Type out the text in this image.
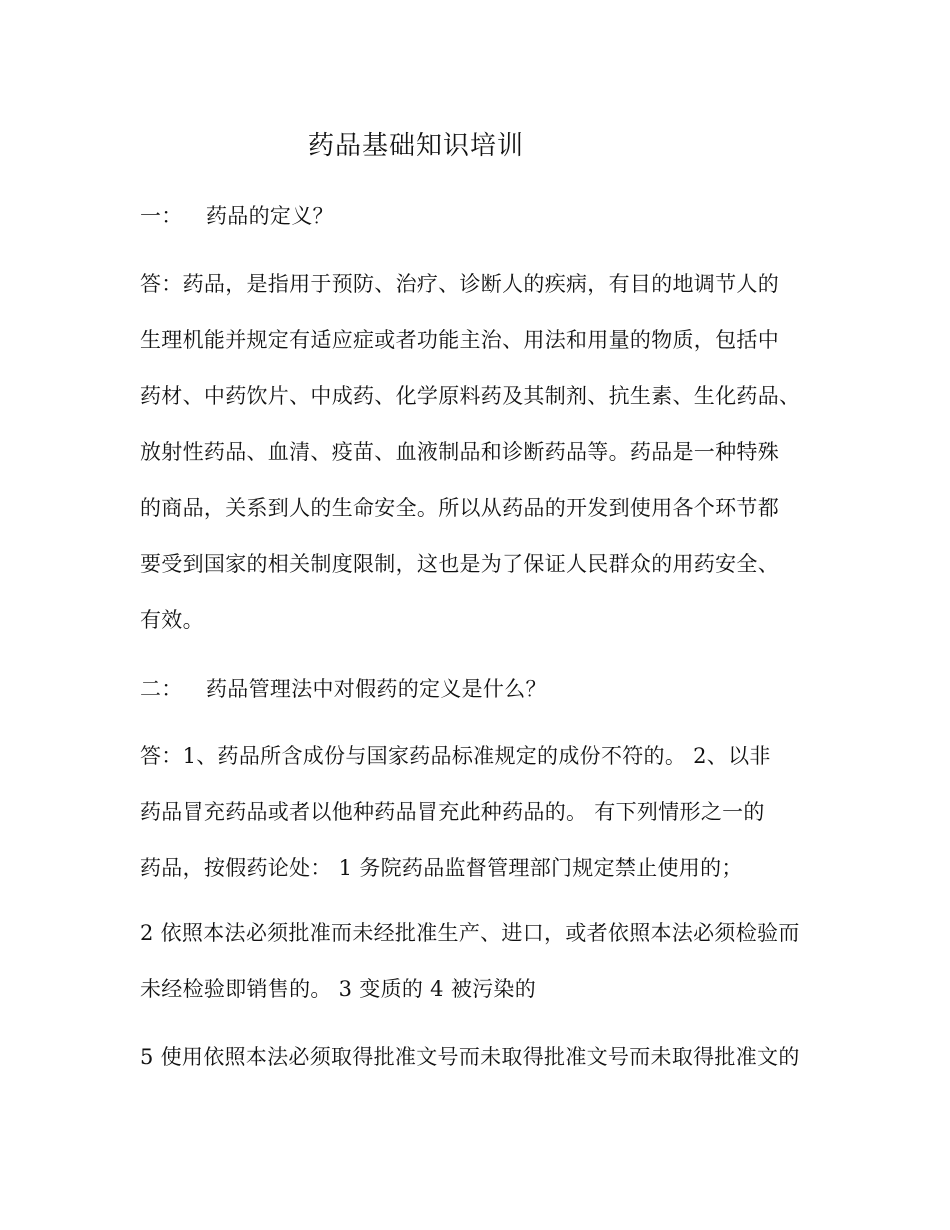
药品基础知识培训
一： 药品的定义？
答：药品，是指用于预防、治疗、诊断人的疾病，有目的地调节人的
生理机能并规定有适应症或者功能主治、用法和用量的物质，包括中
药材、中药饮片、中成药、化学原料药及其制剂、抗生素、生化药品、
放射性药品、血清、疫苗、血液制品和诊断药品等。药品是一种特殊
的商品，关系到人的生命安全。所以从药品的开发到使用各个环节都
要受到国家的相关制度限制，这也是为了保证人民群众的用药安全、
有效。
二： 药品管理法中对假药的定义是什么？
答：1、药品所含成份与国家药品标准规定的成份不符的。 2、以非
药品冒充药品或者以他种药品冒充此种药品的。 有下列情形之一的
药品，按假药论处： 1 务院药品监督管理部门规定禁止使用的；
2 依照本法必须批准而未经批准生产、进口，或者依照本法必须检验而
未经检验即销售的。 3 变质的 4 被污染的
5 使用依照本法必须取得批准文号而未取得批准文号而未取得批准文的
